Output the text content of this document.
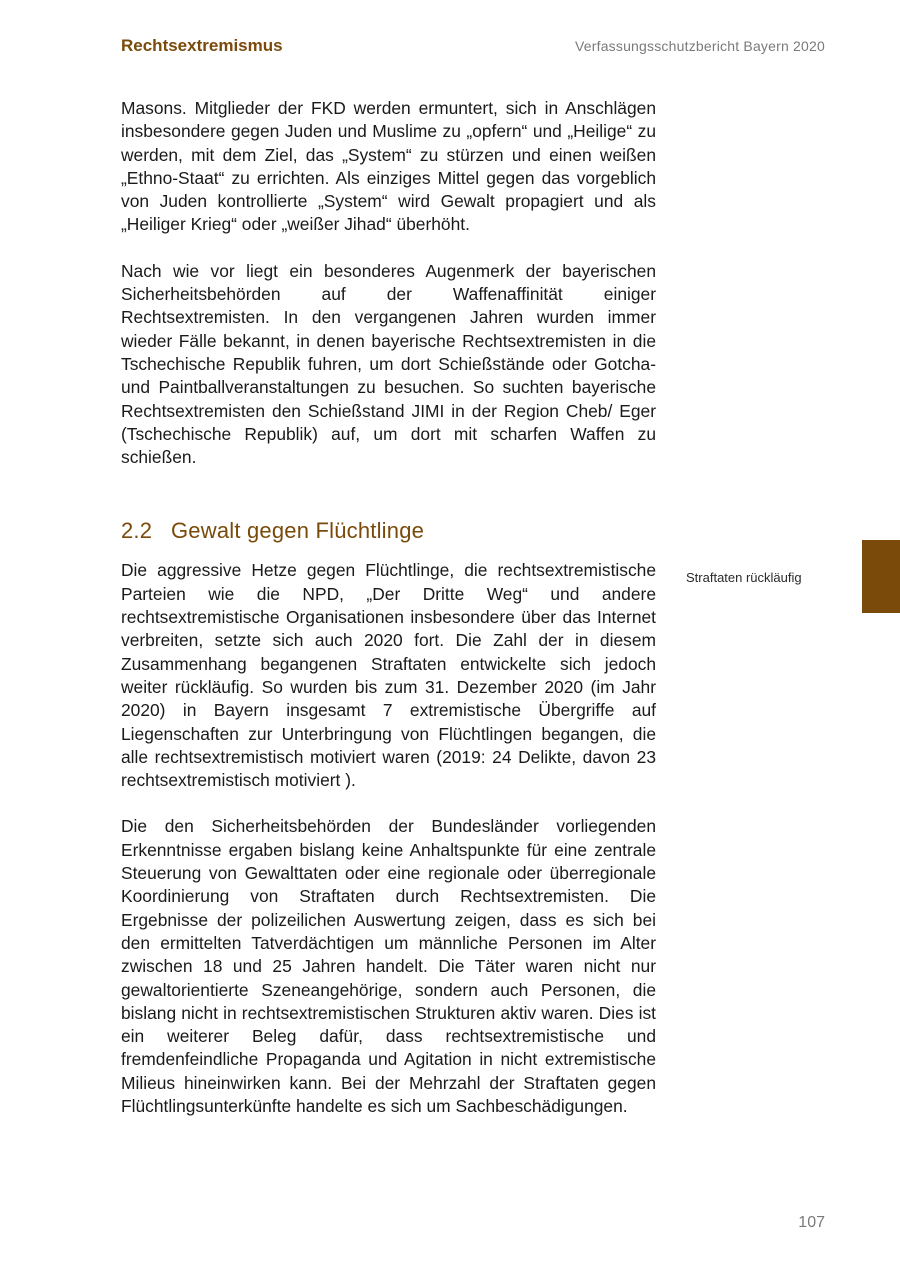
Rechtsextremismus	Verfassungsschutzbericht Bayern 2020

Masons. Mitglieder der FKD werden ermuntert, sich in Anschlägen insbesondere gegen Juden und Muslime zu „opfern“ und „Heilige“ zu werden, mit dem Ziel, das „System“ zu stürzen und einen weißen „Ethno-Staat“ zu errichten. Als einziges Mittel gegen das vorgeblich von Juden kontrollierte „System“ wird Gewalt propagiert und als „Heiliger Krieg“ oder „weißer Jihad“ überhöht.

Nach wie vor liegt ein besonderes Augenmerk der bayerischen Sicherheitsbehörden auf der Waffenaffinität einiger Rechtsextremisten. In den vergangenen Jahren wurden immer wieder Fälle bekannt, in denen bayerische Rechtsextremisten in die Tschechische Republik fuhren, um dort Schießstände oder Gotcha- und Paintballveranstaltungen zu besuchen. So suchten bayerische Rechtsextremisten den Schießstand JIMI in der Region Cheb/ Eger (Tschechische Republik) auf, um dort mit scharfen Waffen zu schießen.

2.2 Gewalt gegen Flüchtlinge

Die aggressive Hetze gegen Flüchtlinge, die rechtsextremistische Parteien wie die NPD, „Der Dritte Weg“ und andere rechtsextremistische Organisationen insbesondere über das Internet verbreiten, setzte sich auch 2020 fort. Die Zahl der in diesem Zusammenhang begangenen Straftaten entwickelte sich jedoch weiter rückläufig. So wurden bis zum 31. Dezember 2020 (im Jahr 2020) in Bayern insgesamt 7 extremistische Übergriffe auf Liegenschaften zur Unterbringung von Flüchtlingen begangen, die alle rechtsextremistisch motiviert waren (2019: 24 Delikte, davon 23 rechtsextremistisch motiviert ).

Die den Sicherheitsbehörden der Bundesländer vorliegenden Erkenntnisse ergaben bislang keine Anhaltspunkte für eine zentrale Steuerung von Gewalttaten oder eine regionale oder überregionale Koordinierung von Straftaten durch Rechtsextremisten. Die Ergebnisse der polizeilichen Auswertung zeigen, dass es sich bei den ermittelten Tatverdächtigen um männliche Personen im Alter zwischen 18 und 25 Jahren handelt. Die Täter waren nicht nur gewaltorientierte Szeneangehörige, sondern auch Personen, die bislang nicht in rechtsextremistischen Strukturen aktiv waren. Dies ist ein weiterer Beleg dafür, dass rechtsextremistische und fremdenfeindliche Propaganda und Agitation in nicht extremistische Milieus hineinwirken kann. Bei der Mehrzahl der Straftaten gegen Flüchtlingsunterkünfte handelte es sich um Sachbeschädigungen.

Straftaten rückläufig
107
